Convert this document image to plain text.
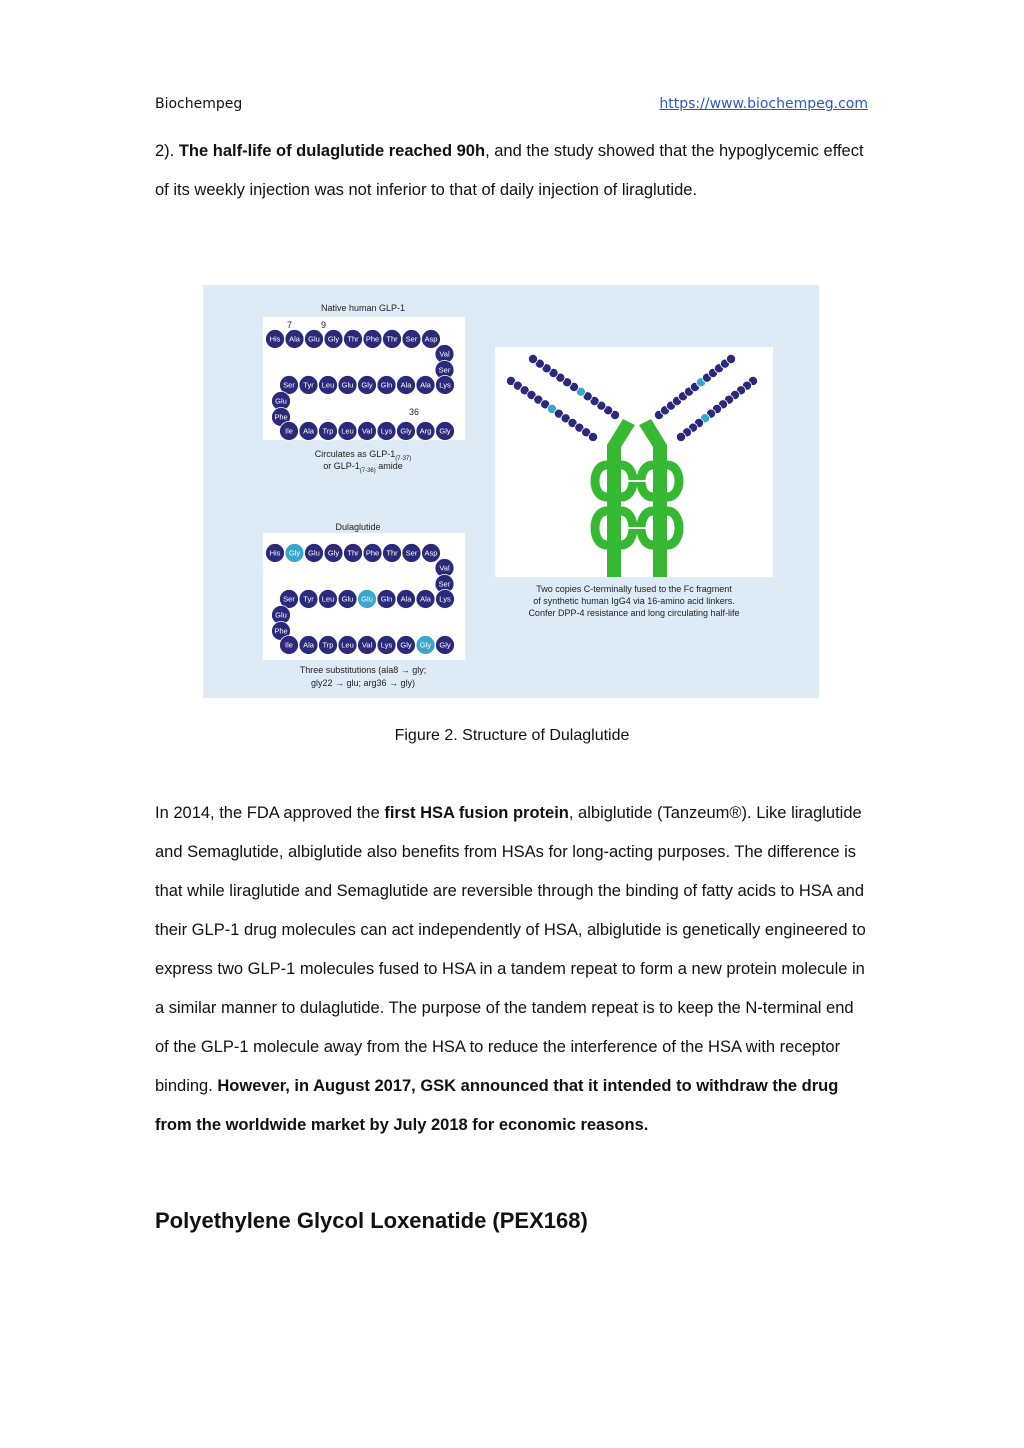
Biochempeg	https://www.biochempeg.com

2). The half-life of dulaglutide reached 90h, and the study showed that the hypoglycemic effect of its weekly injection was not inferior to that of daily injection of liraglutide.

Native human GLP-1
7	9
36
His Ala Glu Gly Thr Phe Thr Ser Asp
Val
Ser
Lys
Ala
Ala
Gln
Gly
Glu
Leu
Tyr
Ser
Glu
Phe
Ile Ala Trp Leu Val Lys Gly Arg Gly
Circulates as GLP-$1_{(7-37)}$
or GLP-$1_{(7-36)}$ amide
Dulaglutide
His Gly Glu Gly Thr Phe Thr Ser Asp
Val
Ser
Lys
Ala
Ala
Gln
Glu
Glu
Leu
Tyr
Ser
Glu
Phe
Ile Ala Trp Leu Val Lys Gly Gly Gly
Three substitutions (ala8 → gly;
gly22 → glu; arg36 → gly)
Two copies C-terminally fused to the Fc fragment
of synthetic human IgG4 via 16-amino acid linkers.
Confer DPP-4 resistance and long circulating half-life
Figure 2. Structure of Dulaglutide

In 2014, the FDA approved the first HSA fusion protein, albiglutide (Tanzeum®). Like liraglutide and Semaglutide, albiglutide also benefits from HSAs for long-acting purposes. The difference is that while liraglutide and Semaglutide are reversible through the binding of fatty acids to HSA and their GLP-1 drug molecules can act independently of HSA, albiglutide is genetically engineered to express two GLP-1 molecules fused to HSA in a tandem repeat to form a new protein molecule in a similar manner to dulaglutide. The purpose of the tandem repeat is to keep the N-terminal end of the GLP-1 molecule away from the HSA to reduce the interference of the HSA with receptor binding. However, in August 2017, GSK announced that it intended to withdraw the drug from the worldwide market by July 2018 for economic reasons.

Polyethylene Glycol Loxenatide (PEX168)
